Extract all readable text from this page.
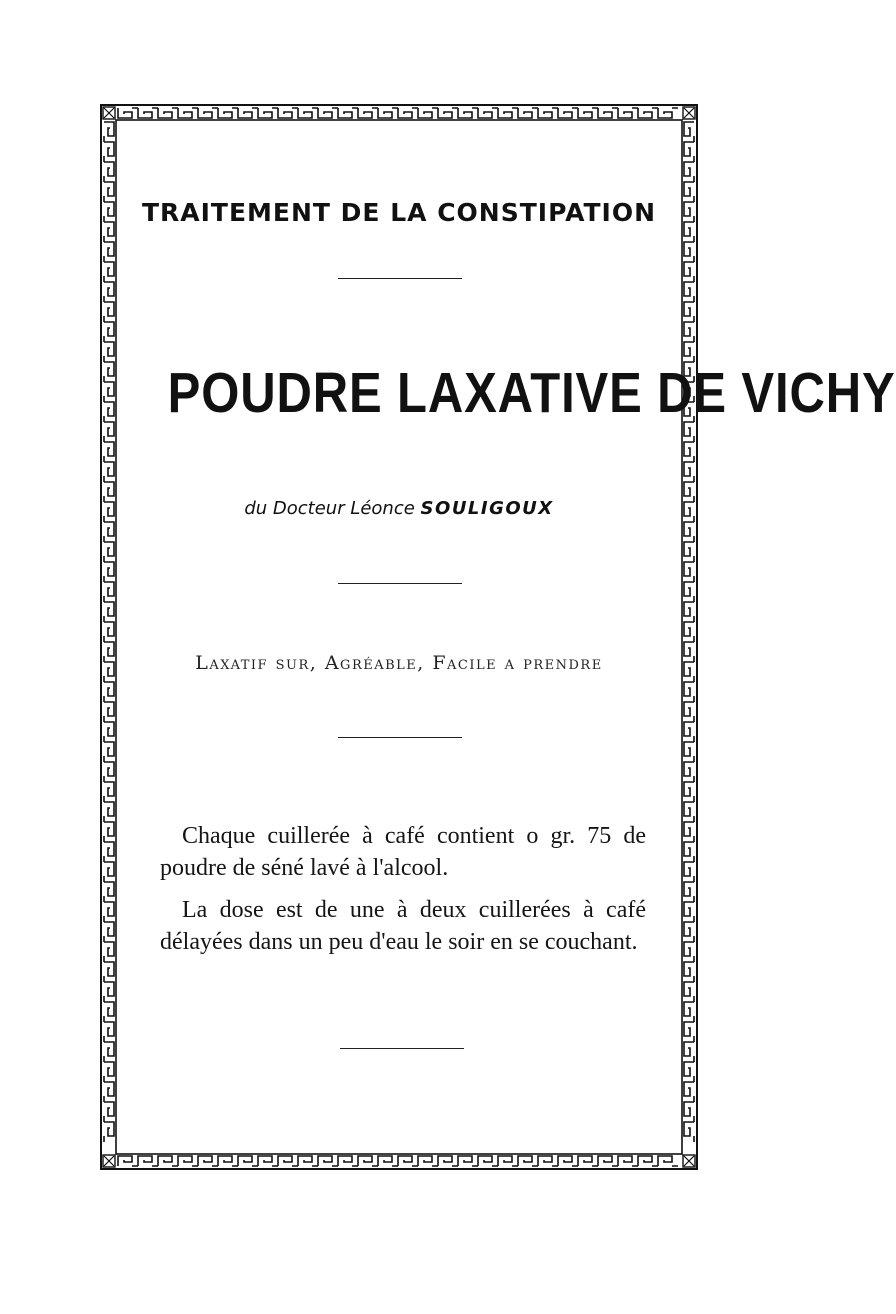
TRAITEMENT DE LA CONSTIPATION
POUDRE LAXATIVE DE VICHY
du Docteur Léonce SOULIGOUX
Laxatif sur, Agréable, Facile a prendre

Chaque cuillerée à café contient o gr. 75 de poudre de séné lavé à l'alcool.

La dose est de une à deux cuillerées à café délayées dans un peu d'eau le soir en se couchant.
